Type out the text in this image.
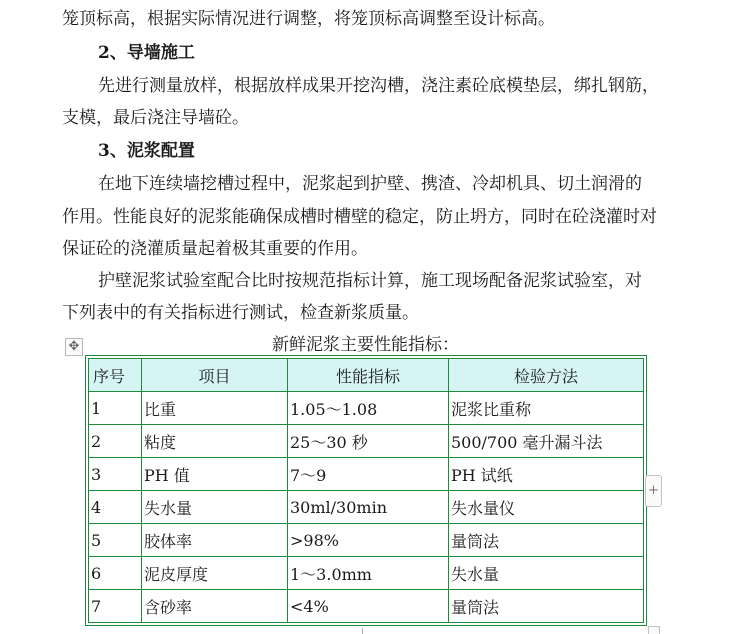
笼顶标高，根据实际情况进行调整，将笼顶标高调整至设计标高。
2、导墙施工
先进行测量放样，根据放样成果开挖沟槽，浇注素砼底模垫层，绑扎钢筋，
支模，最后浇注导墙砼。
3、泥浆配置
在地下连续墙挖槽过程中，泥浆起到护壁、携渣、冷却机具、切土润滑的
作用。性能良好的泥浆能确保成槽时槽壁的稳定，防止坍方，同时在砼浇灌时对
保证砼的浇灌质量起着极其重要的作用。
护壁泥浆试验室配合比时按规范指标计算，施工现场配备泥浆试验室，对
下列表中的有关指标进行测试，检查新浆质量。
✥	新鲜泥浆主要性能指标：
序号	项目	性能指标	检验方法
1	比重	1.05～1.08	泥浆比重称
2	粘度	25～30 秒	500/700 毫升漏斗法
3	PH 值	7～9	PH 试纸
4	失水量	30ml/30min	失水量仪
5	胶体率	>98%	量筒法
6	泥皮厚度	1～3.0mm	失水量
7	含砂率	<4%	量筒法
+
